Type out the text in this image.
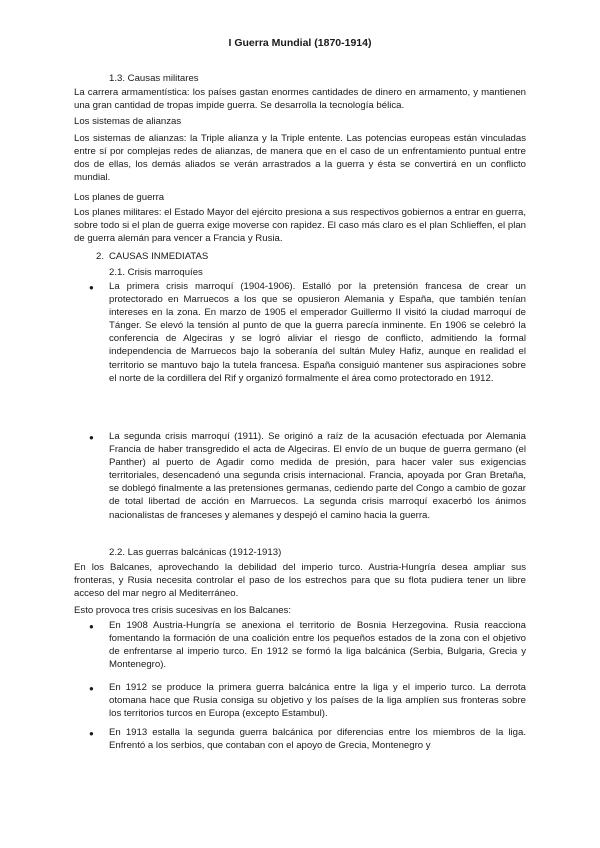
I Guerra Mundial (1870-1914)

1.3. Causas militares

La carrera armamentística: los países gastan enormes cantidades de dinero en armamento, y mantienen una gran cantidad de tropas impide guerra. Se desarrolla la tecnología bélica.

Los sistemas de alianzas

Los sistemas de alianzas: la Triple alianza y la Triple entente. Las potencias europeas están vinculadas entre sí por complejas redes de alianzas, de manera que en el caso de un enfrentamiento puntual entre dos de ellas, los demás aliados se verán arrastrados a la guerra y ésta se convertirá en un conflicto mundial.

Los planes de guerra

Los planes militares: el Estado Mayor del ejército presiona a sus respectivos gobiernos a entrar en guerra, sobre todo si el plan de guerra exige moverse con rapidez. El caso más claro es el plan Schlieffen, el plan de guerra alemán para vencer a Francia y Rusia.

2. CAUSAS INMEDIATAS

2.1. Crisis marroquíes

● La primera crisis marroquí (1904-1906). Estalló por la pretensión francesa de crear un protectorado en Marruecos a los que se opusieron Alemania y España, que también tenían intereses en la zona. En marzo de 1905 el emperador Guillermo II visitó la ciudad marroquí de Tánger. Se elevó la tensión al punto de que la guerra parecía inminente. En 1906 se celebró la conferencia de Algeciras y se logró aliviar el riesgo de conflicto, admitiendo la formal independencia de Marruecos bajo la soberanía del sultán Muley Hafiz, aunque en realidad el territorio se mantuvo bajo la tutela francesa. España consiguió mantener sus aspiraciones sobre el norte de la cordillera del Rif y organizó formalmente el área como protectorado en 1912.

● La segunda crisis marroquí (1911). Se originó a raíz de la acusación efectuada por Alemania Francia de haber transgredido el acta de Algeciras. El envío de un buque de guerra germano (el Panther) al puerto de Agadir como medida de presión, para hacer valer sus exigencias territoriales, desencadenó una segunda crisis internacional. Francia, apoyada por Gran Bretaña, se doblegó finalmente a las pretensiones germanas, cediendo parte del Congo a cambio de gozar de total libertad de acción en Marruecos. La segunda crisis marroquí exacerbó los ánimos nacionalistas de franceses y alemanes y despejó el camino hacia la guerra.

2.2. Las guerras balcánicas (1912-1913)

En los Balcanes, aprovechando la debilidad del imperio turco. Austria-Hungría desea ampliar sus fronteras, y Rusia necesita controlar el paso de los estrechos para que su flota pudiera tener un libre acceso del mar negro al Mediterráneo.

Esto provoca tres crisis sucesivas en los Balcanes:

● En 1908 Austria-Hungría se anexiona el territorio de Bosnia Herzegovina. Rusia reacciona fomentando la formación de una coalición entre los pequeños estados de la zona con el objetivo de enfrentarse al imperio turco. En 1912 se formó la liga balcánica (Serbia, Bulgaria, Grecia y Montenegro).

● En 1912 se produce la primera guerra balcánica entre la liga y el imperio turco. La derrota otomana hace que Rusia consiga su objetivo y los países de la liga amplíen sus fronteras sobre los territorios turcos en Europa (excepto Estambul).

● En 1913 estalla la segunda guerra balcánica por diferencias entre los miembros de la liga. Enfrentó a los serbios, que contaban con el apoyo de Grecia, Montenegro y
